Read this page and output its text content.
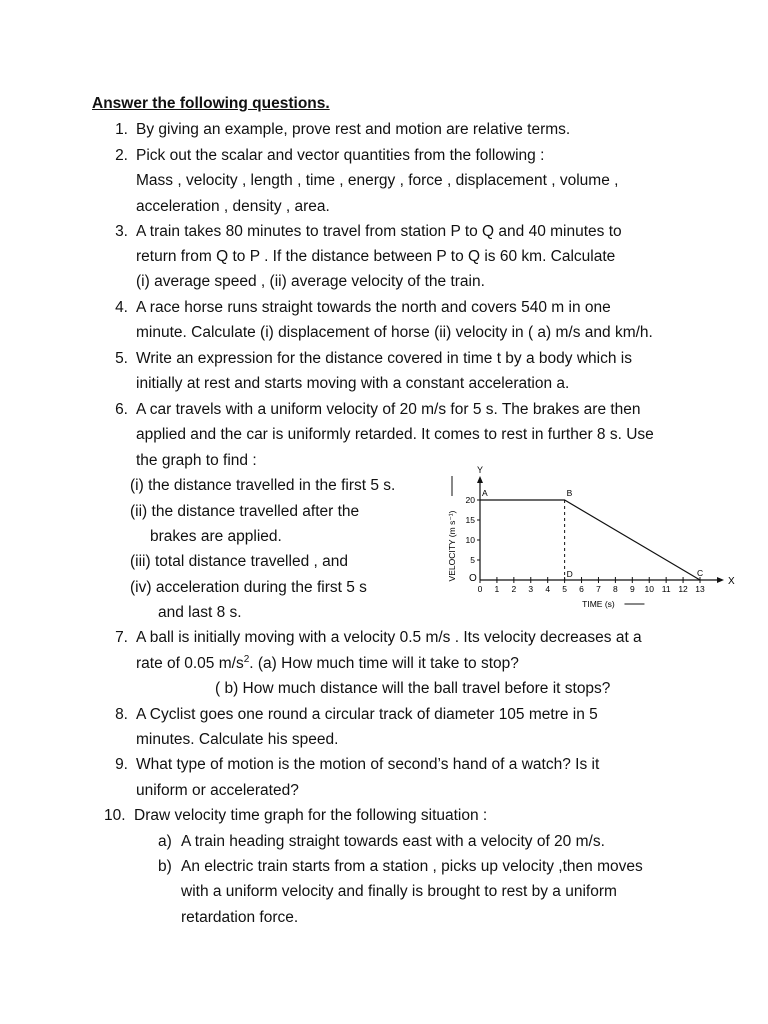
Answer the following questions.
1. By giving an example, prove rest and motion are relative terms.
2. Pick out the scalar and vector quantities from the following :
Mass , velocity , length , time , energy , force , displacement , volume ,
acceleration , density , area.
3. A train takes 80 minutes to travel from station P to Q and 40 minutes to
return from Q to P . If the distance between P to Q is 60 km. Calculate
(i) average speed , (ii) average velocity of the train.
4. A race horse runs straight towards the north and covers 540 m in one
minute. Calculate (i) displacement of horse (ii) velocity in ( a) m/s and km/h.
5. Write an expression for the distance covered in time t by a body which is
initially at rest and starts moving with a constant acceleration a.
6. A car travels with a uniform velocity of 20 m/s for 5 s. The brakes are then
applied and the car is uniformly retarded. It comes to rest in further 8 s. Use
the graph to find :
(i) the distance travelled in the first 5 s.
(ii) the distance travelled after the
brakes are applied.
(iii) total distance travelled , and
(iv) acceleration during the first 5 s
and last 8 s.
X
Y
O
0 1 2 3 4 5 6 7 8 9 10 11 12 13
5
10
15
20
TIME (s)
VELOCITY (m s⁻¹)
A	B
C
D
7. A ball is initially moving with a velocity 0.5 m/s . Its velocity decreases at a
rate of 0.05 $m/s^2$. (a) How much time will it take to stop?
( b) How much distance will the ball travel before it stops?
8. A Cyclist goes one round a circular track of diameter 105 metre in 5
minutes. Calculate his speed.
9. What type of motion is the motion of second’s hand of a watch? Is it
uniform or accelerated?
10. Draw velocity time graph for the following situation :
a) A train heading straight towards east with a velocity of 20 m/s.
b) An electric train starts from a station , picks up velocity ,then moves
with a uniform velocity and finally is brought to rest by a uniform
retardation force.
